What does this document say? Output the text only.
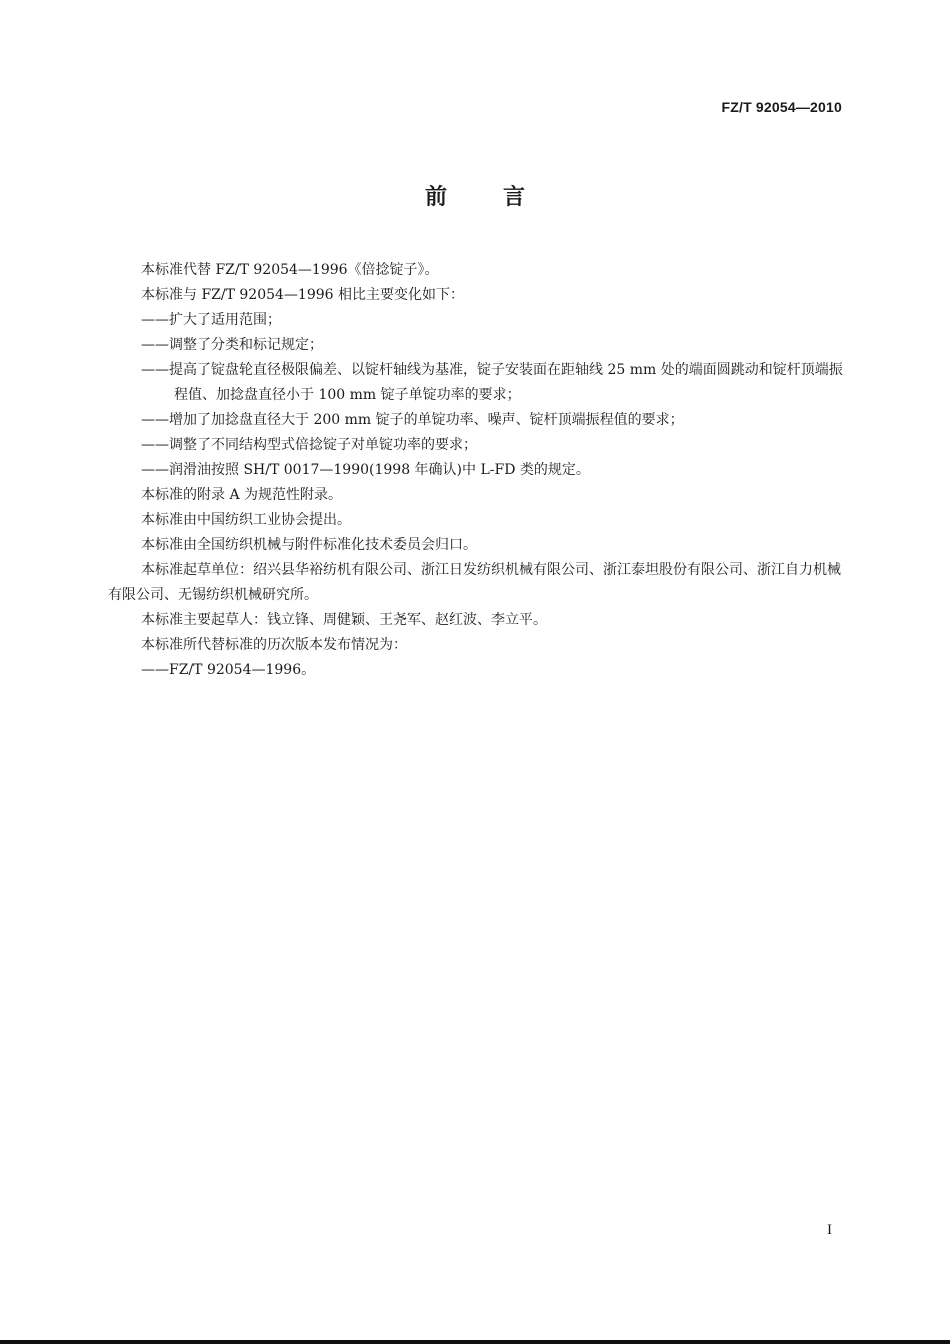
FZ/T 92054—2010
前	言

本标准代替 FZ/T 92054—1996《倍捻锭子》。

本标准与 FZ/T 92054—1996 相比主要变化如下：

——扩大了适用范围；

——调整了分类和标记规定；

——提高了锭盘轮直径极限偏差、以锭杆轴线为基准，锭子安装面在距轴线 25 mm 处的端面圆跳动和锭杆顶端振程值、加捻盘直径小于 100 mm 锭子单锭功率的要求；

——增加了加捻盘直径大于 200 mm 锭子的单锭功率、噪声、锭杆顶端振程值的要求；

——调整了不同结构型式倍捻锭子对单锭功率的要求；

——润滑油按照 SH/T 0017—1990(1998 年确认)中 L-FD 类的规定。

本标准的附录 A 为规范性附录。

本标准由中国纺织工业协会提出。

本标准由全国纺织机械与附件标准化技术委员会归口。

本标准起草单位：绍兴县华裕纺机有限公司、浙江日发纺织机械有限公司、浙江泰坦股份有限公司、浙江自力机械有限公司、无锡纺织机械研究所。

本标准主要起草人：钱立锋、周健颖、王尧军、赵红波、李立平。

本标准所代替标准的历次版本发布情况为：

——FZ/T 92054—1996。

I
